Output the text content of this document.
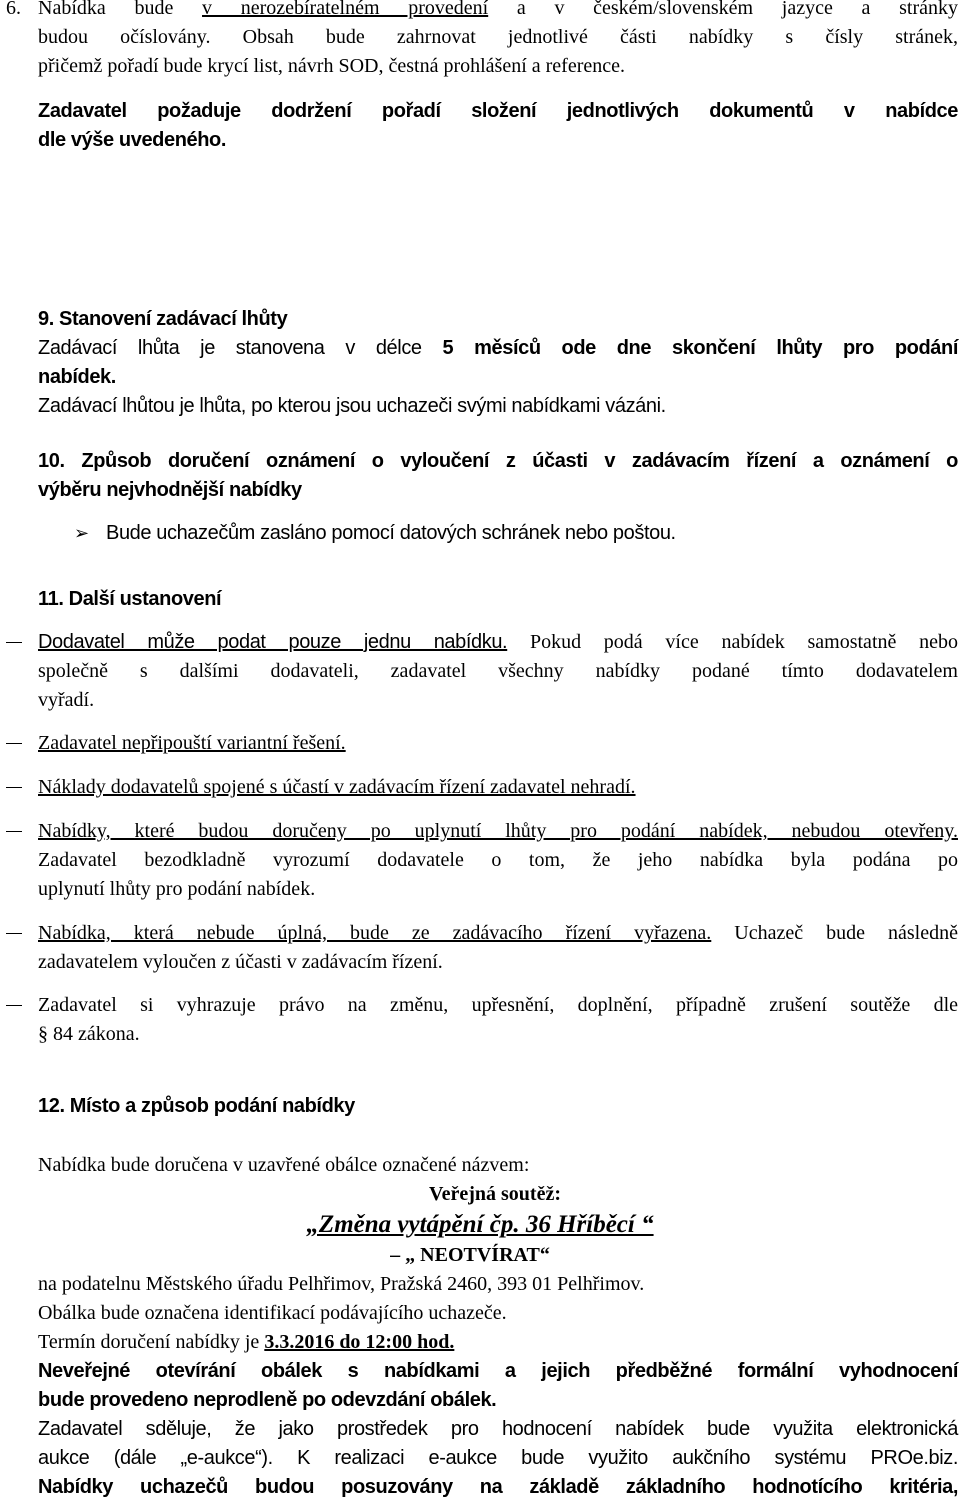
6. Nabídka bude v nerozebíratelném provedení a v českém/slovenském jazyce a stránky
budou očíslovány. Obsah bude zahrnovat jednotlivé části nabídky s čísly stránek,
přičemž pořadí bude krycí list, návrh SOD, čestná prohlášení a reference.
Zadavatel požaduje dodržení pořadí složení jednotlivých dokumentů v nabídce
dle výše uvedeného.
9. Stanovení zadávací lhůty
Zadávací lhůta je stanovena v délce 5 měsíců ode dne skončení lhůty pro podání
nabídek.
Zadávací lhůtou je lhůta, po kterou jsou uchazeči svými nabídkami vázáni.
10. Způsob doručení oznámení o vyloučení z účasti v zadávacím řízení a oznámení o
výběru nejvhodnější nabídky
➢ Bude uchazečům zasláno pomocí datových schránek nebo poštou.
11. Další ustanovení
Dodavatel může podat pouze jednu nabídku. Pokud podá více nabídek samostatně nebo
společně s dalšími dodavateli, zadavatel všechny nabídky podané tímto dodavatelem
vyřadí.
Zadavatel nepřipouští variantní řešení.
Náklady dodavatelů spojené s účastí v zadávacím řízení zadavatel nehradí.
Nabídky, které budou doručeny po uplynutí lhůty pro podání nabídek, nebudou otevřeny.
Zadavatel bezodkladně vyrozumí dodavatele o tom, že jeho nabídka byla podána po
uplynutí lhůty pro podání nabídek.
Nabídka, která nebude úplná, bude ze zadávacího řízení vyřazena. Uchazeč bude následně
zadavatelem vyloučen z účasti v zadávacím řízení.
Zadavatel si vyhrazuje právo na změnu, upřesnění, doplnění, případně zrušení soutěže dle
§ 84 zákona.
12. Místo a způsob podání nabídky
Nabídka bude doručena v uzavřené obálce označené názvem:
Veřejná soutěž:
„Změna vytápění čp. 36 Hříběcí “
– „ NEOTVÍRAT“
na podatelnu Městského úřadu Pelhřimov, Pražská 2460, 393 01 Pelhřimov.
Obálka bude označena identifikací podávajícího uchazeče.
Termín doručení nabídky je 3.3.2016 do 12:00 hod.
Neveřejné otevírání obálek s nabídkami a jejich předběžné formální vyhodnocení
bude provedeno neprodleně po odevzdání obálek.
Zadavatel sděluje, že jako prostředek pro hodnocení nabídek bude využita elektronická
aukce (dále „e-aukce“). K realizaci e-aukce bude využito aukčního systému PROe.biz.
Nabídky uchazečů budou posuzovány na základě základního hodnotícího kritéria,
